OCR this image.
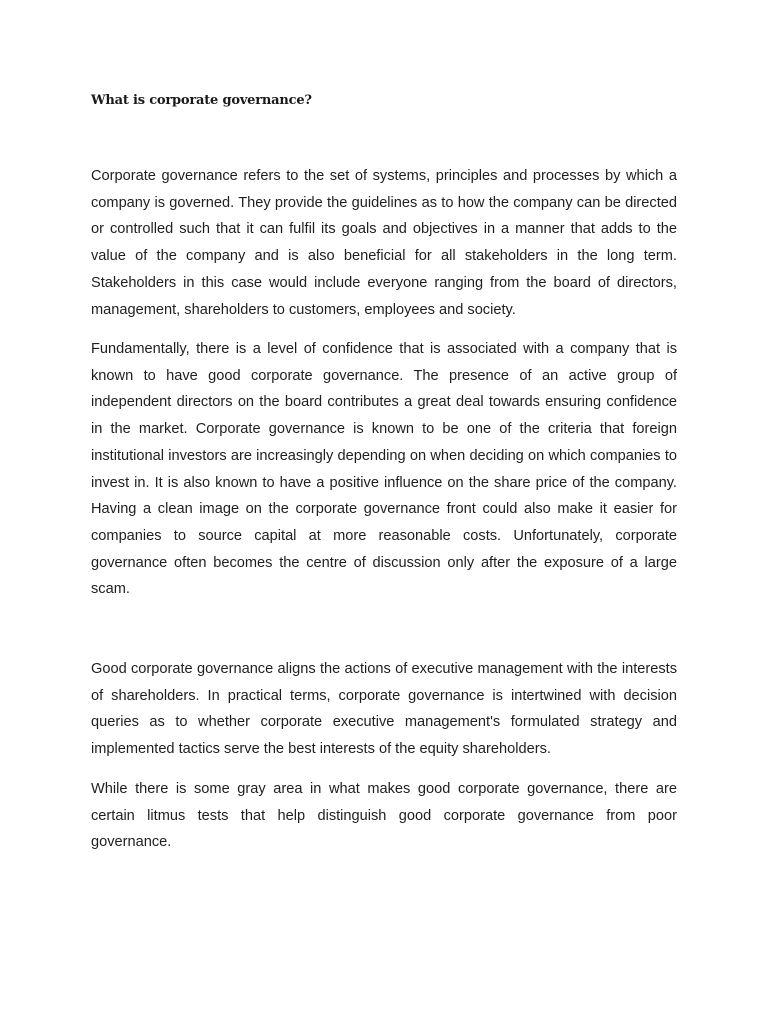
What is corporate governance?

Corporate governance refers to the set of systems, principles and processes by which a company is governed. They provide the guidelines as to how the company can be directed or controlled such that it can fulfil its goals and objectives in a manner that adds to the value of the company and is also beneficial for all stakeholders in the long term. Stakeholders in this case would include everyone ranging from the board of directors, management, shareholders to customers, employees and society.

Fundamentally, there is a level of confidence that is associated with a company that is known to have good corporate governance. The presence of an active group of independent directors on the board contributes a great deal towards ensuring confidence in the market. Corporate governance is known to be one of the criteria that foreign institutional investors are increasingly depending on when deciding on which companies to invest in. It is also known to have a positive influence on the share price of the company. Having a clean image on the corporate governance front could also make it easier for companies to source capital at more reasonable costs. Unfortunately, corporate governance often becomes the centre of discussion only after the exposure of a large scam.

Good corporate governance aligns the actions of executive management with the interests of shareholders. In practical terms, corporate governance is intertwined with decision queries as to whether corporate executive management's formulated strategy and implemented tactics serve the best interests of the equity shareholders.

While there is some gray area in what makes good corporate governance, there are certain litmus tests that help distinguish good corporate governance from poor governance.
